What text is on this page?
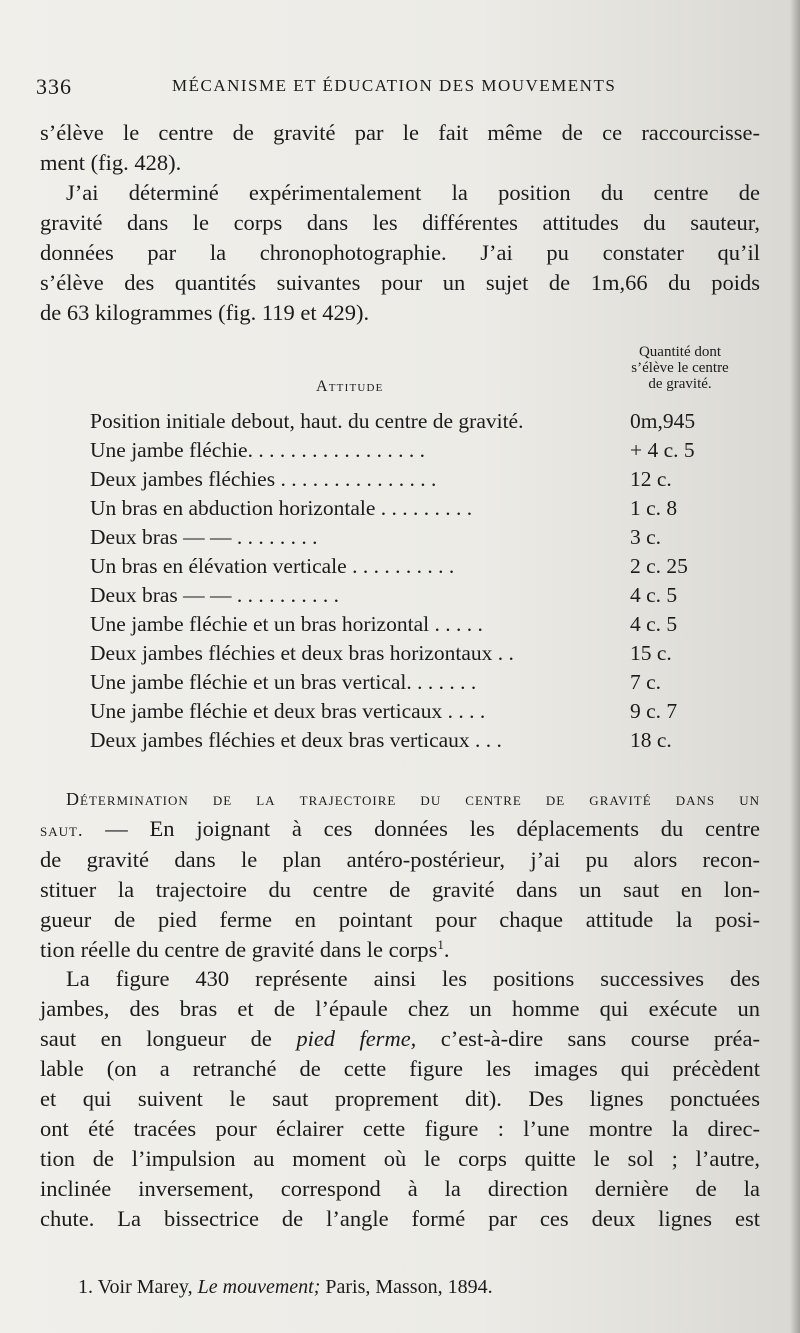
336	MÉCANISME ET ÉDUCATION DES MOUVEMENTS
s’élève le centre de gravité par le fait même de ce raccourcisse-
ment (fig. 428).
J’ai déterminé expérimentalement la position du centre de
gravité dans le corps dans les différentes attitudes du sauteur,
données par la chronophotographie. J’ai pu constater qu’il
s’élève des quantités suivantes pour un sujet de 1m,66 du poids
de 63 kilogrammes (fig. 119 et 429).
Quantité dont
s’élève le centre
de gravité.
Attitude
Position initiale debout, haut. du centre de gravité.	0m,945
Une jambe fléchie. . . . . . . . . . . . . . . . .	+ 4 c. 5
Deux jambes fléchies . . . . . . . . . . . . . . .	12 c.
Un bras en abduction horizontale . . . . . . . . .	1 c. 8
Deux bras — — . . . . . . . .	3 c.
Un bras en élévation verticale . . . . . . . . . .	2 c. 25
Deux bras — — . . . . . . . . . .	4 c. 5
Une jambe fléchie et un bras horizontal . . . . .	4 c. 5
Deux jambes fléchies et deux bras horizontaux . .	15 c.
Une jambe fléchie et un bras vertical. . . . . . .	7 c.
Une jambe fléchie et deux bras verticaux . . . .	9 c. 7
Deux jambes fléchies et deux bras verticaux . . .	18 c.
Détermination de la trajectoire du centre de gravité dans un
saut. — En joignant à ces données les déplacements du centre
de gravité dans le plan antéro-postérieur, j’ai pu alors recon-
stituer la trajectoire du centre de gravité dans un saut en lon-
gueur de pied ferme en pointant pour chaque attitude la posi-
tion réelle du centre de gravité dans le corps$^1$.
La figure 430 représente ainsi les positions successives des
jambes, des bras et de l’épaule chez un homme qui exécute un
saut en longueur de pied ferme, c’est-à-dire sans course préa-
lable (on a retranché de cette figure les images qui précèdent
et qui suivent le saut proprement dit). Des lignes ponctuées
ont été tracées pour éclairer cette figure : l’une montre la direc-
tion de l’impulsion au moment où le corps quitte le sol ; l’autre,
inclinée inversement, correspond à la direction dernière de la
chute. La bissectrice de l’angle formé par ces deux lignes est
1. Voir Marey, Le mouvement; Paris, Masson, 1894.
